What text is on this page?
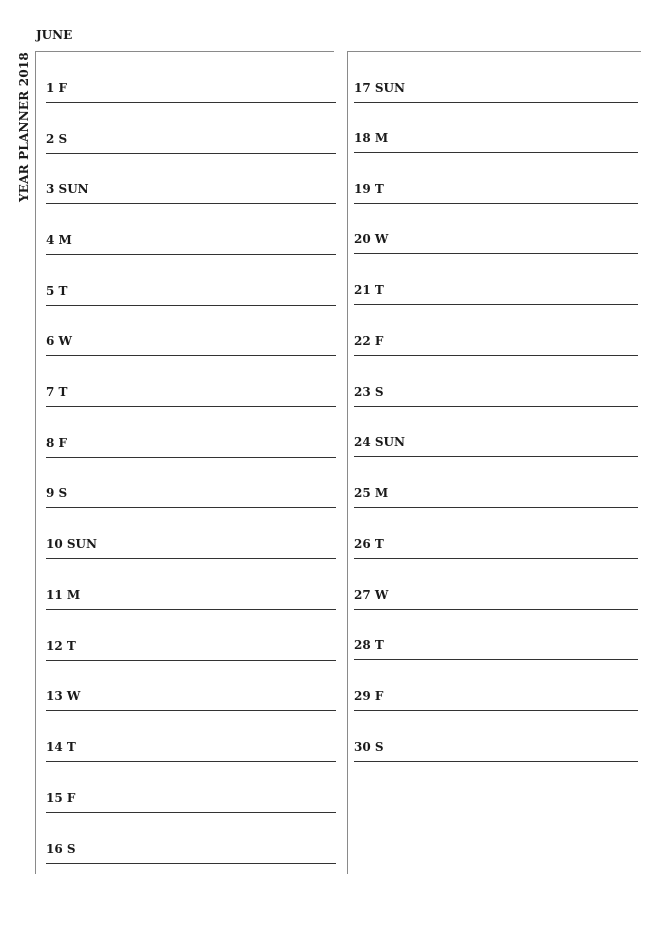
YEAR PLANNER 2018
JUNE
1 F
2 S
3 SUN
4 M
5 T
6 W
7 T
8 F
9 S
10 SUN
11 M
12 T
13 W
14 T
15 F
16 S
17 SUN
18 M
19 T
20 W
21 T
22 F
23 S
24 SUN
25 M
26 T
27 W
28 T
29 F
30 S
